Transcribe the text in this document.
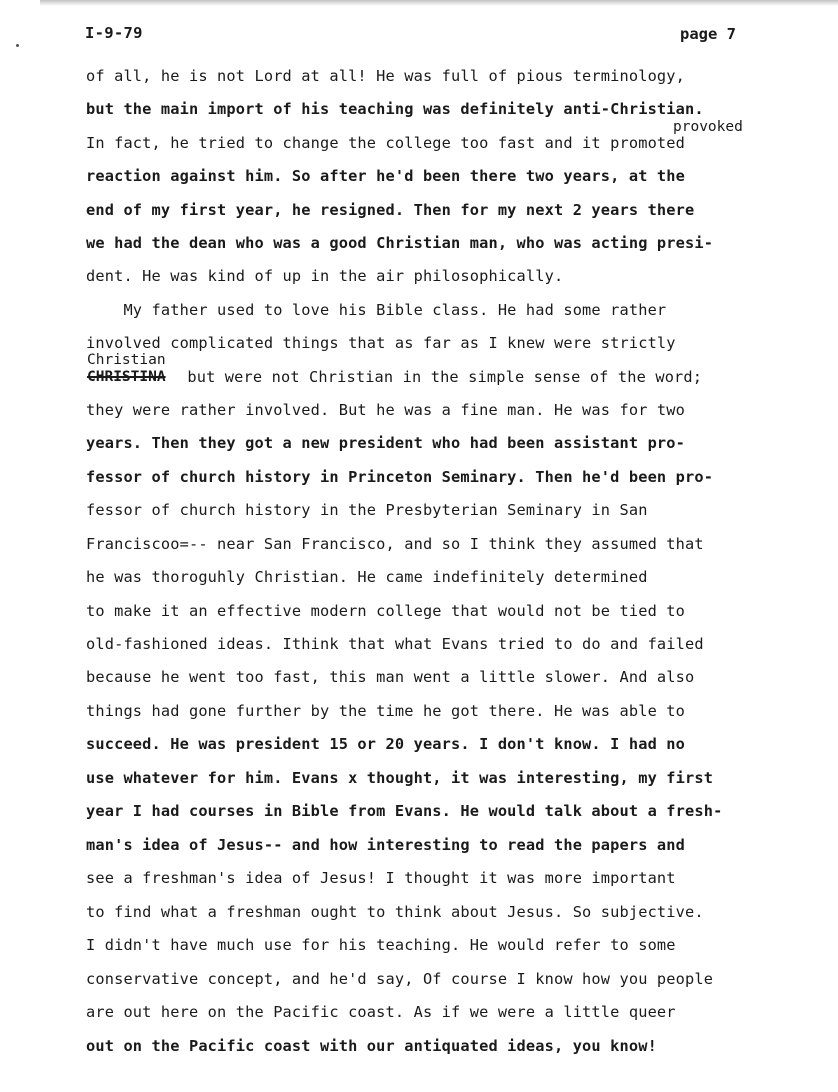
I-9-79	page 7
provoked
Christian
CHRISTINA
of all, he is not Lord at all! He was full of pious terminology,
but the main import of his teaching was definitely anti-Christian.
In fact, he tried to change the college too fast and it promoted
reaction against him. So after he'd been there two years, at the
end of my first year, he resigned. Then for my next 2 years there
we had the dean who was a good Christian man, who was acting presi-
dent. He was kind of up in the air philosophically.
My father used to love his Bible class. He had some rather
involved complicated things that as far as I knew were strictly
but were not Christian in the simple sense of the word;
they were rather involved. But he was a fine man. He was for two
years. Then they got a new president who had been assistant pro-
fessor of church history in Princeton Seminary. Then he'd been pro-
fessor of church history in the Presbyterian Seminary in San
Franciscoo=-- near San Francisco, and so I think they assumed that
he was thoroguhly Christian. He came indefinitely determined
to make it an effective modern college that would not be tied to
old-fashioned ideas. Ithink that what Evans tried to do and failed
because he went too fast, this man went a little slower. And also
things had gone further by the time he got there. He was able to
succeed. He was president 15 or 20 years. I don't know. I had no
use whatever for him. Evans x thought, it was interesting, my first
year I had courses in Bible from Evans. He would talk about a fresh-
man's idea of Jesus-- and how interesting to read the papers and
see a freshman's idea of Jesus! I thought it was more important
to find what a freshman ought to think about Jesus. So subjective.
I didn't have much use for his teaching. He would refer to some
conservative concept, and he'd say, Of course I know how you people
are out here on the Pacific coast. As if we were a little queer
out on the Pacific coast with our antiquated ideas, you know!
